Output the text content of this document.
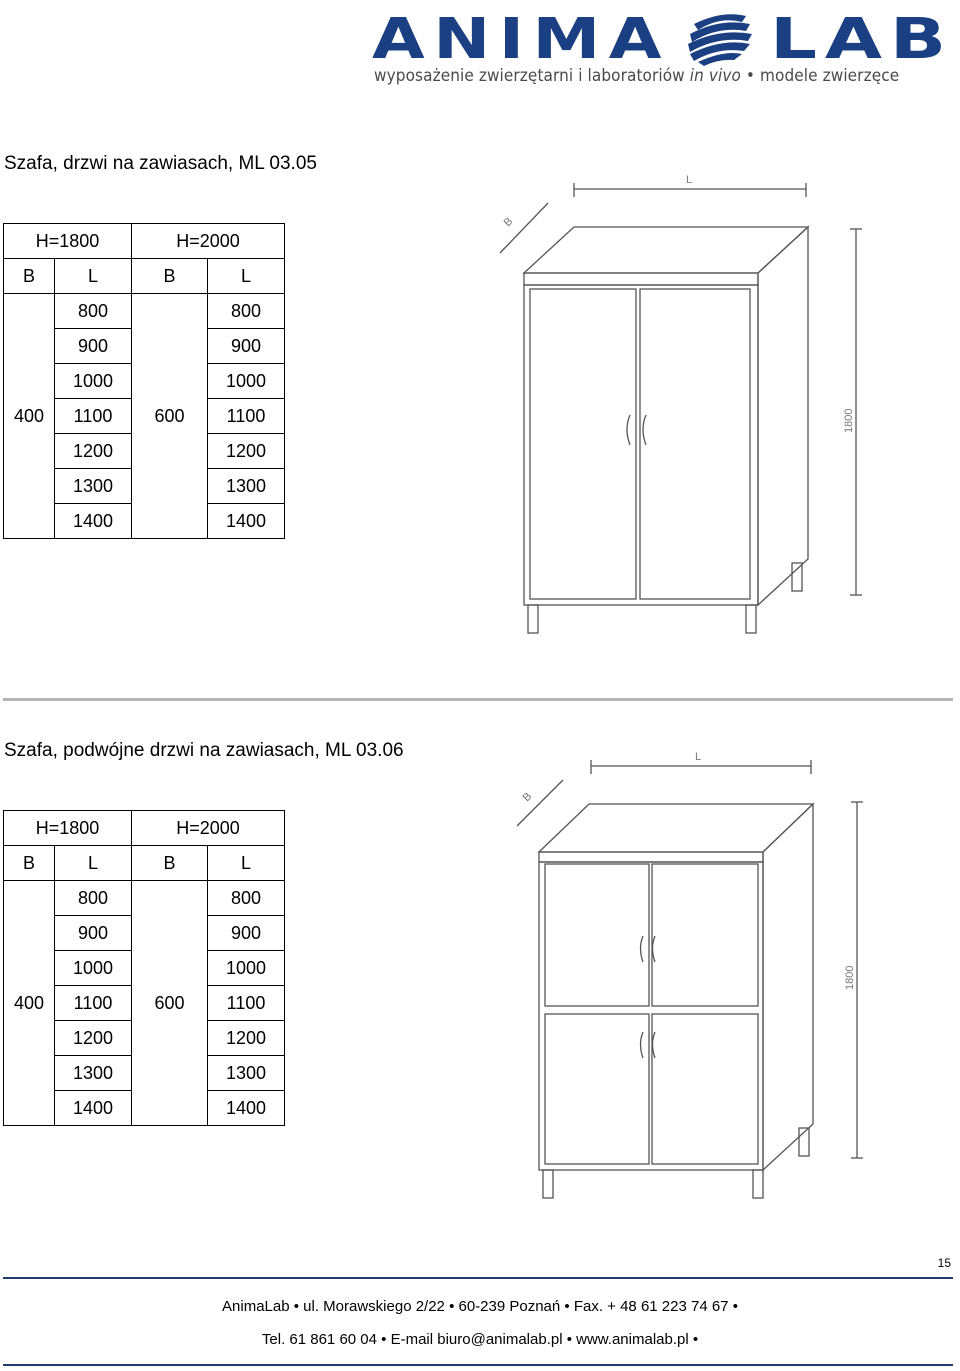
ANIMA LAB
wyposażenie zwierzętarni i laboratoriów in vivo • modele zwierzęce
Szafa, drzwi na zawiasach, ML 03.05
H=1800		H=2000	
B	L	B	L
400	800	600	800
	900		900
	1000		1000
	1100		1100
	1200		1200
	1300		1300
	1400		1400
L
B
1800
Szafa, podwójne drzwi na zawiasach, ML 03.06
H=1800		H=2000	
B	L	B	L
400	800	600	800
	900		900
	1000		1000
	1100		1100
	1200		1200
	1300		1300
	1400		1400
L
B
1800
15
AnimaLab • ul. Morawskiego 2/22 • 60-239 Poznań • Fax. + 48 61 223 74 67 •
Tel. 61 861 60 04 • E-mail biuro@animalab.pl • www.animalab.pl •
